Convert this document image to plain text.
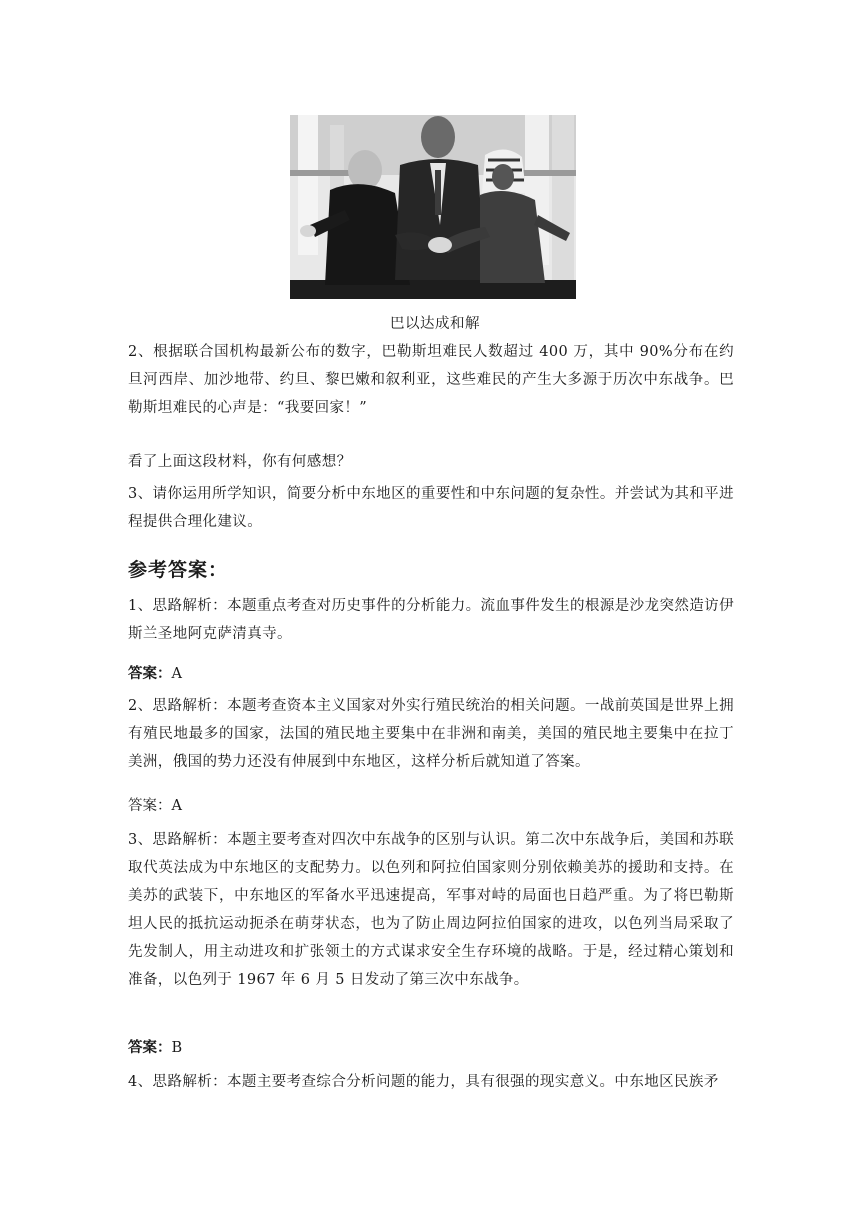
巴以达成和解

2、根据联合国机构最新公布的数字，巴勒斯坦难民人数超过 400 万，其中 90%分布在约旦河西岸、加沙地带、约旦、黎巴嫩和叙利亚，这些难民的产生大多源于历次中东战争。巴勒斯坦难民的心声是：“我要回家！”

看了上面这段材料，你有何感想？

3、请你运用所学知识，简要分析中东地区的重要性和中东问题的复杂性。并尝试为其和平进程提供合理化建议。

参考答案：

1、思路解析：本题重点考查对历史事件的分析能力。流血事件发生的根源是沙龙突然造访伊斯兰圣地阿克萨清真寺。

答案：A

2、思路解析：本题考查资本主义国家对外实行殖民统治的相关问题。一战前英国是世界上拥有殖民地最多的国家，法国的殖民地主要集中在非洲和南美，美国的殖民地主要集中在拉丁美洲，俄国的势力还没有伸展到中东地区，这样分析后就知道了答案。

答案：A

3、思路解析：本题主要考查对四次中东战争的区别与认识。第二次中东战争后，美国和苏联取代英法成为中东地区的支配势力。以色列和阿拉伯国家则分别依赖美苏的援助和支持。在美苏的武装下，中东地区的军备水平迅速提高，军事对峙的局面也日趋严重。为了将巴勒斯坦人民的抵抗运动扼杀在萌芽状态，也为了防止周边阿拉伯国家的进攻，以色列当局采取了先发制人，用主动进攻和扩张领土的方式谋求安全生存环境的战略。于是，经过精心策划和准备，以色列于 1967 年 6 月 5 日发动了第三次中东战争。

答案：B

4、思路解析：本题主要考查综合分析问题的能力，具有很强的现实意义。中东地区民族矛
